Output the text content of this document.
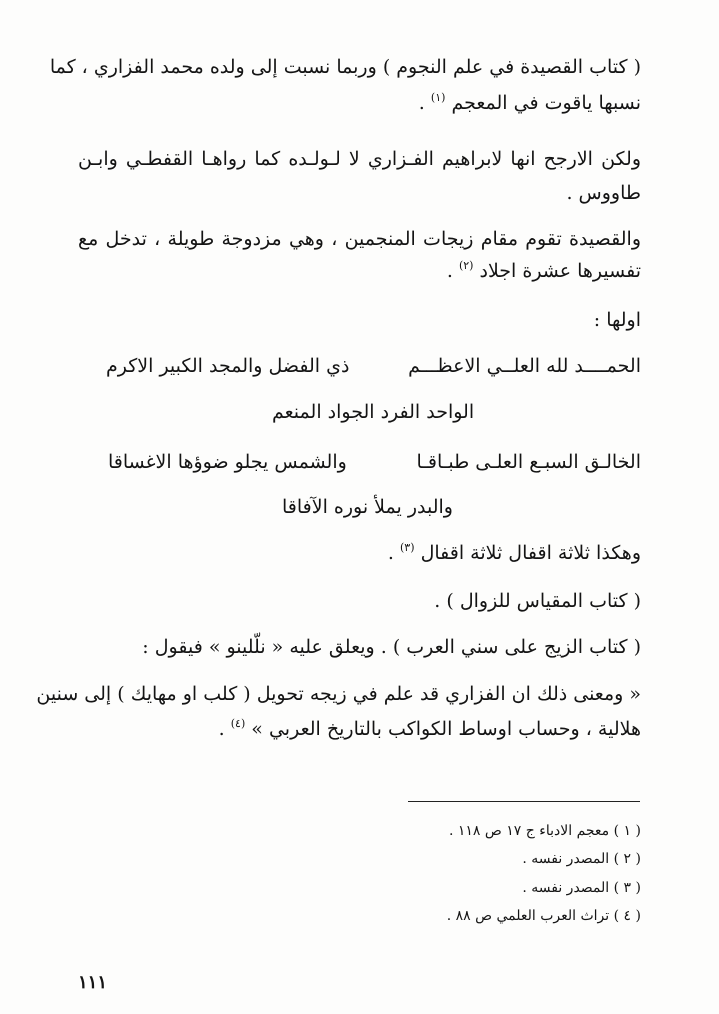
( كتاب القصيدة في علم النجوم ) وربما نسبت إلى ولده محمد الفزاري ، كما
نسبها ياقوت في المعجم $^{(١)}$ .
ولكن الارجح انها لابراهيم الفـزاري لا لـولـده كما رواهـا القفطـي وابـن
طاووس .
والقصيدة تقوم مقام زيجات المنجمين ، وهي مزدوجة طويلة ، تدخل مع
تفسيرها عشرة اجلاد $^{(٢)}$ .
اولها :
الحمــــد لله العلــي الاعظـــم
ذي الفضل والمجد الكبير الاكرم
الواحد الفرد الجواد المنعم
الخالـق السبـع العلـى طبـاقـا
والشمس يجلو ضوؤها الاغساقا
والبدر يملأ نوره الآفاقا
وهكذا ثلاثة اقفال ثلاثة اقفال $^{(٣)}$ .
( كتاب المقياس للزوال ) .
( كتاب الزيج على سني العرب ) . ويعلق عليه « نلّلينو » فيقول :
« ومعنى ذلك ان الفزاري قد علم في زيجه تحويل ( كلب او مهايك ) إلى سنين
هلالية ، وحساب اوساط الكواكب بالتاريخ العربي » $^{(٤)}$ .
( ١ ) معجم الادباء ج ١٧ ص ١١٨ .
( ٢ ) المصدر نفسه .
( ٣ ) المصدر نفسه .
( ٤ ) تراث العرب العلمي ص ٨٨ .
١١١
